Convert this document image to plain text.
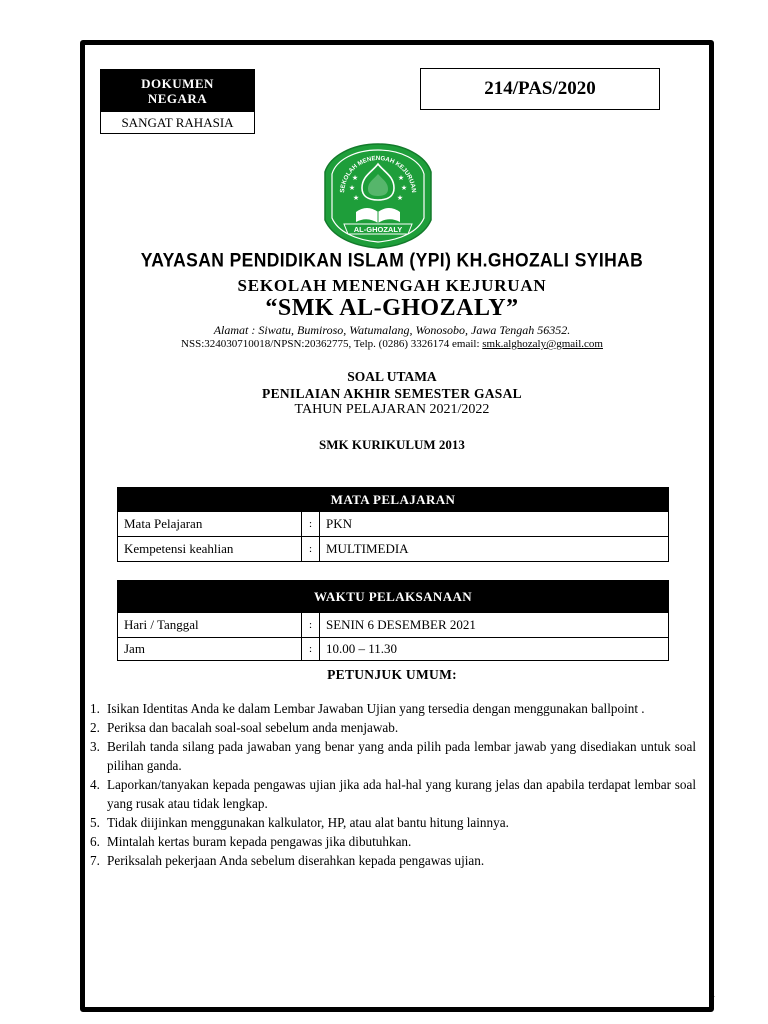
1
DOKUMEN
NEGARA
SANGAT RAHASIA
214/PAS/2020
SEKOLAH MENENGAH KEJURUAN
★	★
★	★
★	★
AL-GHOZALY
YAYASAN PENDIDIKAN ISLAM (YPI) KH.GHOZALI SYIHAB
SEKOLAH MENENGAH KEJURUAN
“SMK AL-GHOZALY”
Alamat : Siwatu, Bumiroso, Watumalang, Wonosobo, Jawa Tengah 56352.
NSS:324030710018/NPSN:20362775, Telp. (0286) 3326174 email: smk.alghozaly@gmail.com
SOAL UTAMA
PENILAIAN AKHIR SEMESTER GASAL
TAHUN PELAJARAN 2021/2022
SMK KURIKULUM 2013
MATA PELAJARAN		
Mata Pelajaran	:	PKN
Kempetensi keahlian	:	MULTIMEDIA
WAKTU PELAKSANAAN		
Hari / Tanggal	:	SENIN 6 DESEMBER 2021
Jam	:	10.00 – 11.30
PETUNJUK UMUM:
1. Isikan Identitas Anda ke dalam Lembar Jawaban Ujian yang tersedia dengan menggunakan ballpoint .
2. Periksa dan bacalah soal-soal sebelum anda menjawab.
3. Berilah tanda silang pada jawaban yang benar yang anda pilih pada lembar jawab yang disediakan untuk soal pilihan ganda.
4. Laporkan/tanyakan kepada pengawas ujian jika ada hal-hal yang kurang jelas dan apabila terdapat lembar soal yang rusak atau tidak lengkap.
5. Tidak diijinkan menggunakan kalkulator, HP, atau alat bantu hitung lainnya.
6. Mintalah kertas buram kepada pengawas jika dibutuhkan.
7. Periksalah pekerjaan Anda sebelum diserahkan kepada pengawas ujian.
